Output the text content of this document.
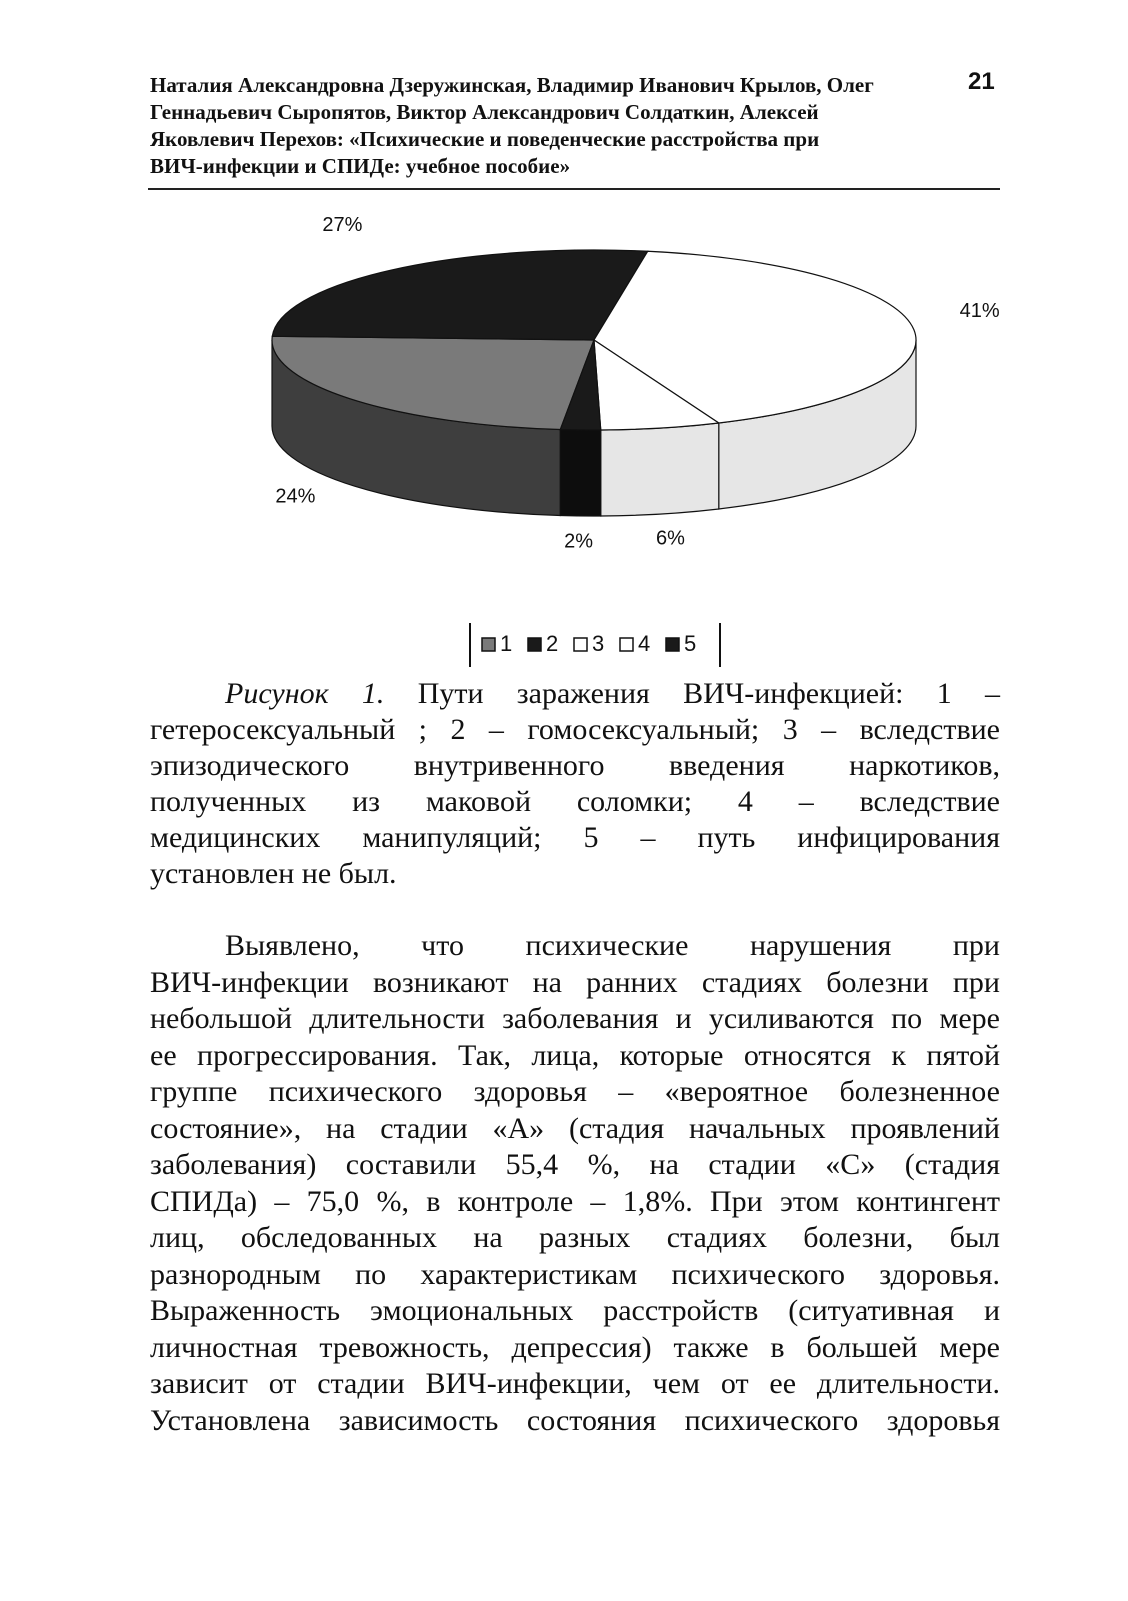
Наталия Александровна Дзеружинская, Владимир Иванович Крылов, Олег
Геннадьевич Сыропятов, Виктор Александрович Солдаткин, Алексей
Яковлевич Перехов: «Психические и поведенческие расстройства при
ВИЧ-инфекции и СПИДе: учебное пособие»
21
24%
27%
41%
6%
2%
1 2 3 4 5
Рисунок 1. Пути заражения ВИЧ-инфекцией: 1 –
гетеросексуальный ; 2 – гомосексуальный; 3 – вследствие
эпизодического внутривенного введения наркотиков,
полученных из маковой соломки; 4 – вследствие
медицинских манипуляций; 5 – путь инфицирования
установлен не был.
Выявлено, что психические нарушения при
ВИЧ-инфекции возникают на ранних стадиях болезни при
небольшой длительности заболевания и усиливаются по мере
ее прогрессирования. Так, лица, которые относятся к пятой
группе психического здоровья – «вероятное болезненное
состояние», на стадии «А» (стадия начальных проявлений
заболевания) составили 55,4 %, на стадии «С» (стадия
СПИДа) – 75,0 %, в контроле – 1,8%. При этом контингент
лиц, обследованных на разных стадиях болезни, был
разнородным по характеристикам психического здоровья.
Выраженность эмоциональных расстройств (ситуативная и
личностная тревожность, депрессия) также в большей мере
зависит от стадии ВИЧ-инфекции, чем от ее длительности.
Установлена зависимость состояния психического здоровья
